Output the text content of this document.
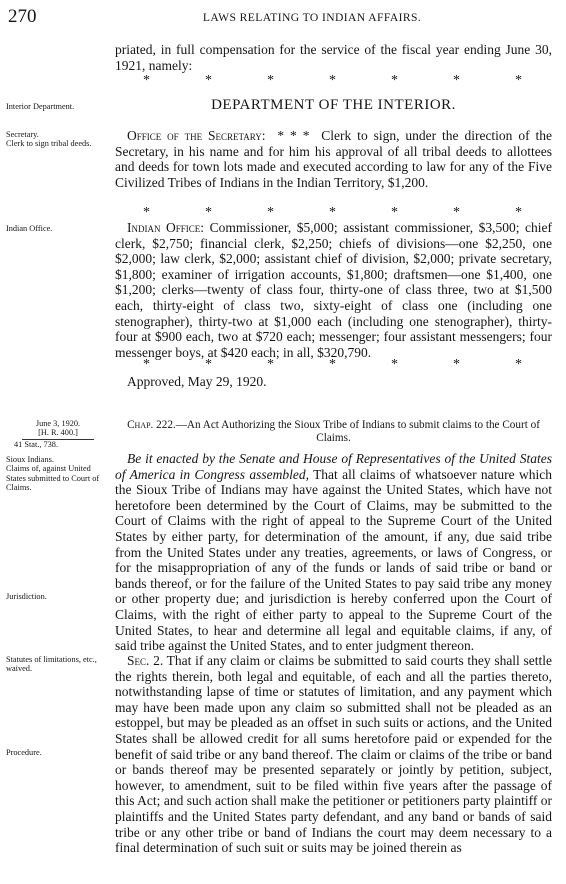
270	LAWS RELATING TO INDIAN AFFAIRS.

priated, in full compensation for the service of the fiscal year ending June 30, 1921, namely:

*	*	*	*	*	*	*
Interior Department.	DEPARTMENT OF THE INTERIOR.
Secretary.
Clerk to sign tribal deeds.

Office of the Secretary: * * * Clerk to sign, under the direction of the Secretary, in his name and for him his approval of all tribal deeds to allottees and deeds for town lots made and executed according to law for any of the Five Civilized Tribes of Indians in the Indian Territory, $1,200.

*	*	*	*	*	*	*
Indian Office.	Indian Office: Commissioner, $5,000; assistant commissioner, $3,500; chief clerk, $2,750; financial clerk, $2,250; chiefs of divisions—one $2,250, one $2,000; law clerk, $2,000; assistant chief of division, $2,000; private secretary, $1,800; examiner of irrigation accounts, $1,800; draftsmen—one $1,400, one $1,200; clerks—twenty of class four, thirty-one of class three, two at $1,500 each, thirty-eight of class two, sixty-eight of class one (including one stenographer), thirty-two at $1,000 each (including one stenographer), thirty-four at $900 each, two at $720 each; messenger; four assistant messengers; four messenger boys, at $420 each; in all, $320,790.

*	*	*	*	*	*	*

Approved, May 29, 1920.

June 3, 1920.
[H. R. 400.]
41 Stat., 738.

Chap. 222.—An Act Authorizing the Sioux Tribe of Indians to submit claims to the Court of Claims.

Sioux Indians.
Claims of, against United States submitted to Court of Claims.

Be it enacted by the Senate and House of Representatives of the United States of America in Congress assembled, That all claims of whatsoever nature which the Sioux Tribe of Indians may have against the United States, which have not heretofore been determined by the Court of Claims, may be submitted to the Court of Claims with the right of appeal to the Supreme Court of the United States by either party, for determination of the amount, if any, due said tribe from the United States under any treaties, agreements, or laws of Congress, or for the misappropriation of any of the funds or lands of said tribe or band or bands thereof, or for the failure of the United States to pay said tribe any money or other property due; and jurisdiction is hereby conferred upon the Court of Claims, with the right of either party to appeal to the Supreme Court of the United States, to hear and determine all legal and equitable claims, if any, of said tribe against the United States, and to enter judgment thereon.

Jurisdiction.
Statutes of limitations, etc., waived.

Sec. 2. That if any claim or claims be submitted to said courts they shall settle the rights therein, both legal and equitable, of each and all the parties thereto, notwithstanding lapse of time or statutes of limitation, and any payment which may have been made upon any claim so submitted shall not be pleaded as an estoppel, but may be pleaded as an offset in such suits or actions, and the United States shall be allowed credit for all sums heretofore paid or expended for the benefit of said tribe or any band thereof. The claim or claims of the tribe or band or bands thereof may be presented separately or jointly by petition, subject, however, to amendment, suit to be filed within five years after the passage of this Act; and such action shall make the petitioner or petitioners party plaintiff or plaintiffs and the United States party defendant, and any band or bands of said tribe or any other tribe or band of Indians the court may deem necessary to a final determination of such suit or suits may be joined therein as

Procedure.
